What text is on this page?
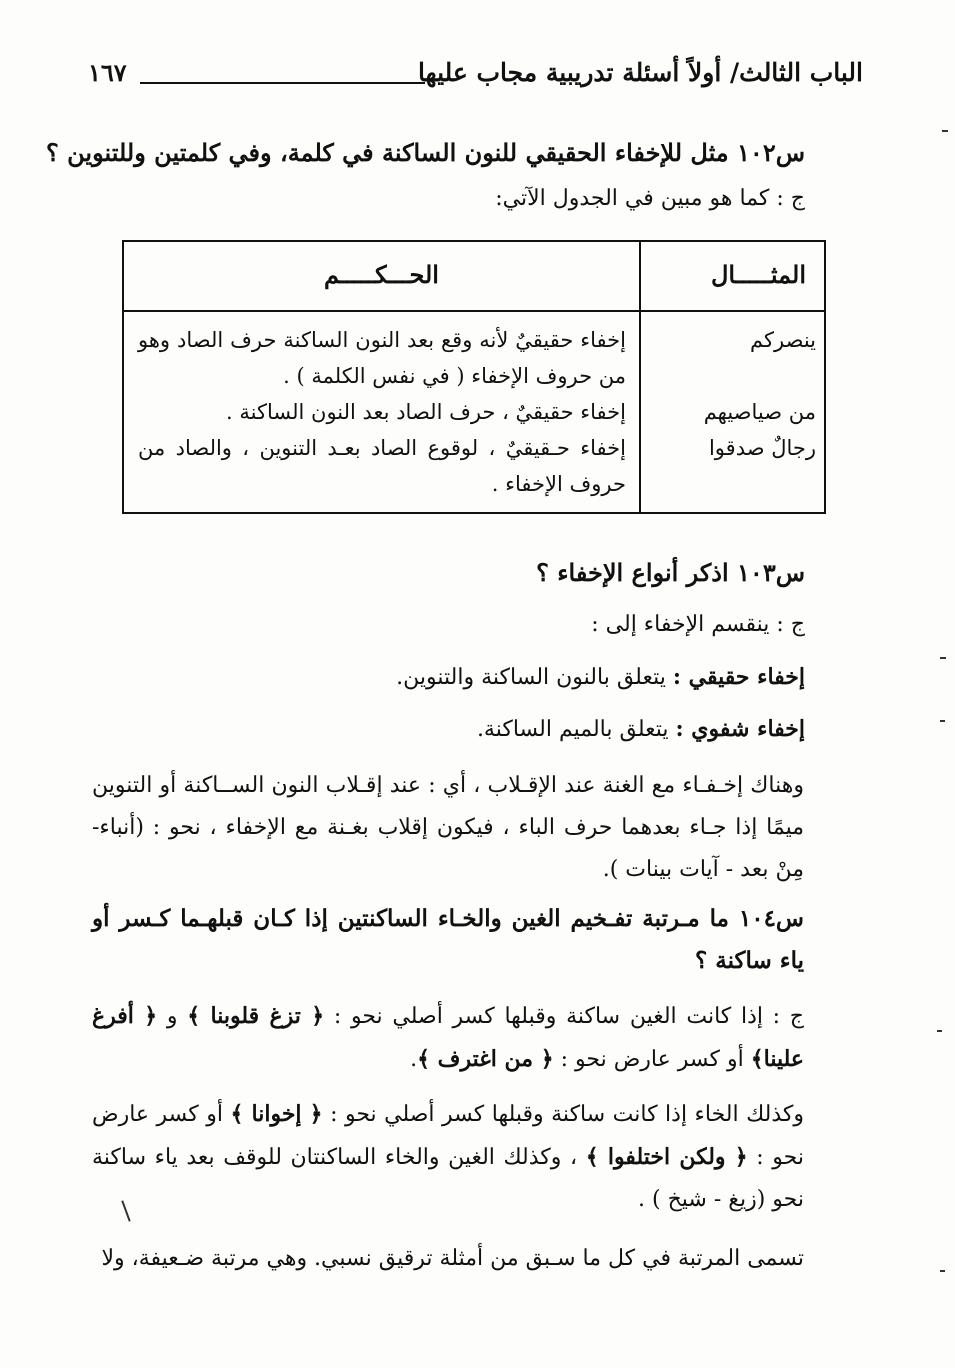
الباب الثالث/ أولاً أسئلة تدريبية مجاب عليها
١٦٧
س١٠٢ مثل للإخفاء الحقيقي للنون الساكنة في كلمة، وفي كلمتين وللتنوين ؟
ج : كما هو مبين في الجدول الآتي:
المثـــــال
الحـــكـــــم
ينصركم
من صياصيهم
رجالٌ صدقوا
إخفاء حقيقيٌ لأنه وقع بعد النون الساكنة حرف الصاد وهو من حروف الإخفاء ( في نفس الكلمة ) .
إخفاء حقيقيٌ ، حرف الصاد بعد النون الساكنة .
إخفاء حـقيقيٌ ، لوقوع الصاد بعـد التنوين ، والصاد من حروف الإخفاء .
س١٠٣ اذكر أنواع الإخفاء ؟
ج : ينقسم الإخفاء إلى :
إخفاء حقيقي : يتعلق بالنون الساكنة والتنوين.
إخفاء شفوي : يتعلق بالميم الساكنة.
وهناك إخـفـاء مع الغنة عند الإقـلاب ، أي : عند إقـلاب النون الســاكنة أو التنوين ميمًا إذا جـاء بعدهما حرف الباء ، فيكون إقلاب بغـنة مع الإخفاء ، نحو : (أنباء- مِنْ بعد - آيات بينات ).
س١٠٤ ما مـرتبة تفـخيم الغين والخـاء الساكنتين إذا كـان قبلهـما كـسر أو ياء ساكنة ؟
ج : إذا كانت الغين ساكنة وقبلها كسر أصلي نحو : ﴿ تزغ قلوبنا ﴾ و ﴿ أفرغ علينا﴾ أو كسر عارض نحو : ﴿ من اغترف ﴾.
وكذلك الخاء إذا كانت ساكنة وقبلها كسر أصلي نحو : ﴿ إخوانا ﴾ أو كسر عارض نحو : ﴿ ولكن اختلفوا ﴾ ، وكذلك الغين والخاء الساكنتان للوقف بعد ياء ساكنة نحو (زيغ - شيخ ) .
تسمى المرتبة في كل ما سـبق من أمثلة ترقيق نسبي. وهي مرتبة ضـعيفة، ولا
